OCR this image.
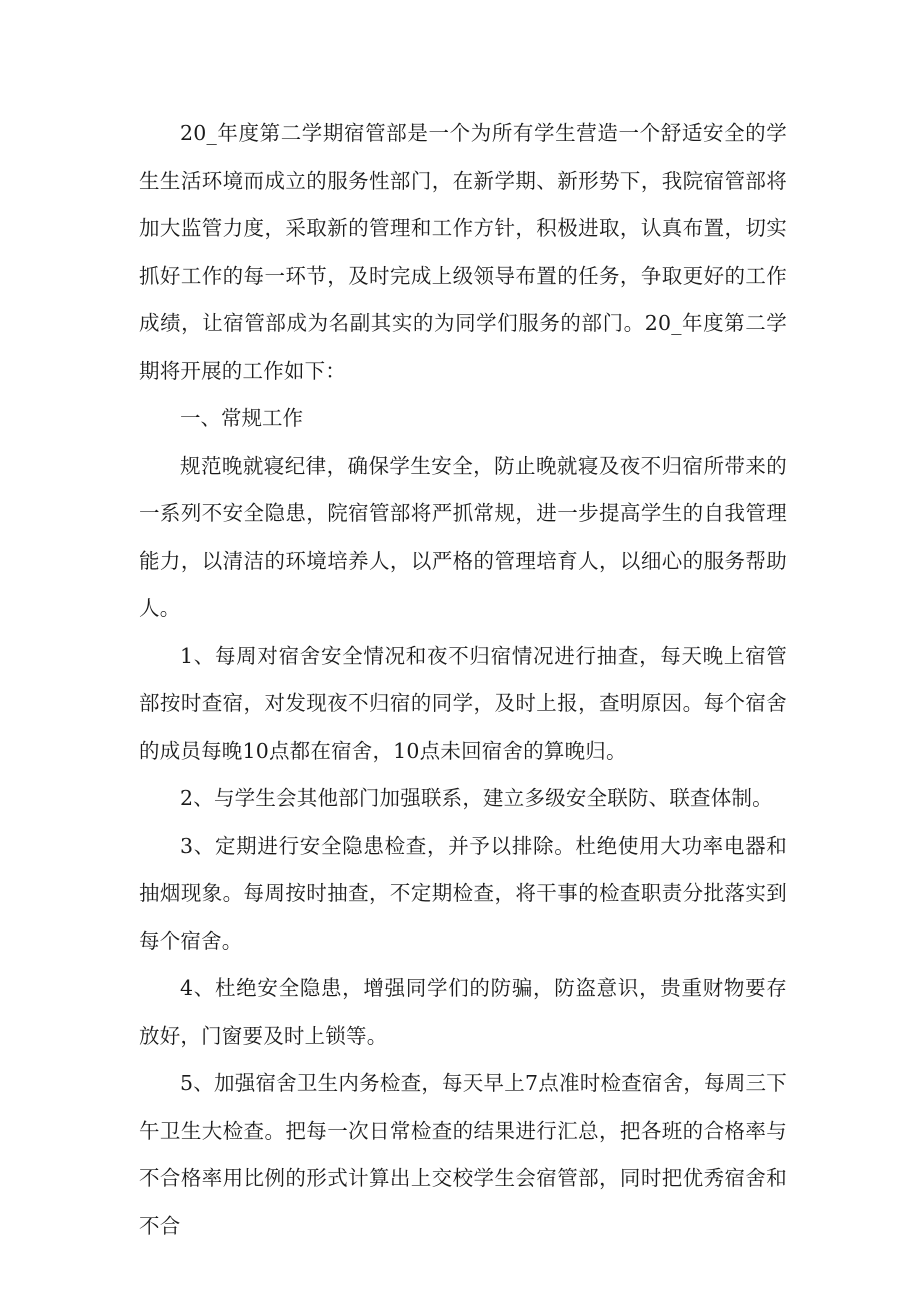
20_年度第二学期宿管部是一个为所有学生营造一个舒适安全的学生生活环境而成立的服务性部门，在新学期、新形势下，我院宿管部将加大监管力度，采取新的管理和工作方针，积极进取，认真布置，切实抓好工作的每一环节，及时完成上级领导布置的任务，争取更好的工作成绩，让宿管部成为名副其实的为同学们服务的部门。20_年度第二学期将开展的工作如下：

一、常规工作

规范晚就寝纪律，确保学生安全，防止晚就寝及夜不归宿所带来的一系列不安全隐患，院宿管部将严抓常规，进一步提高学生的自我管理能力，以清洁的环境培养人，以严格的管理培育人，以细心的服务帮助人。

1、每周对宿舍安全情况和夜不归宿情况进行抽查，每天晚上宿管部按时查宿，对发现夜不归宿的同学，及时上报，查明原因。每个宿舍的成员每晚10点都在宿舍，10点未回宿舍的算晚归。

2、与学生会其他部门加强联系，建立多级安全联防、联查体制。

3、定期进行安全隐患检查，并予以排除。杜绝使用大功率电器和抽烟现象。每周按时抽查，不定期检查，将干事的检查职责分批落实到每个宿舍。

4、杜绝安全隐患，增强同学们的防骗，防盗意识，贵重财物要存放好，门窗要及时上锁等。

5、加强宿舍卫生内务检查，每天早上7点准时检查宿舍，每周三下午卫生大检查。把每一次日常检查的结果进行汇总，把各班的合格率与不合格率用比例的形式计算出上交校学生会宿管部，同时把优秀宿舍和不合
